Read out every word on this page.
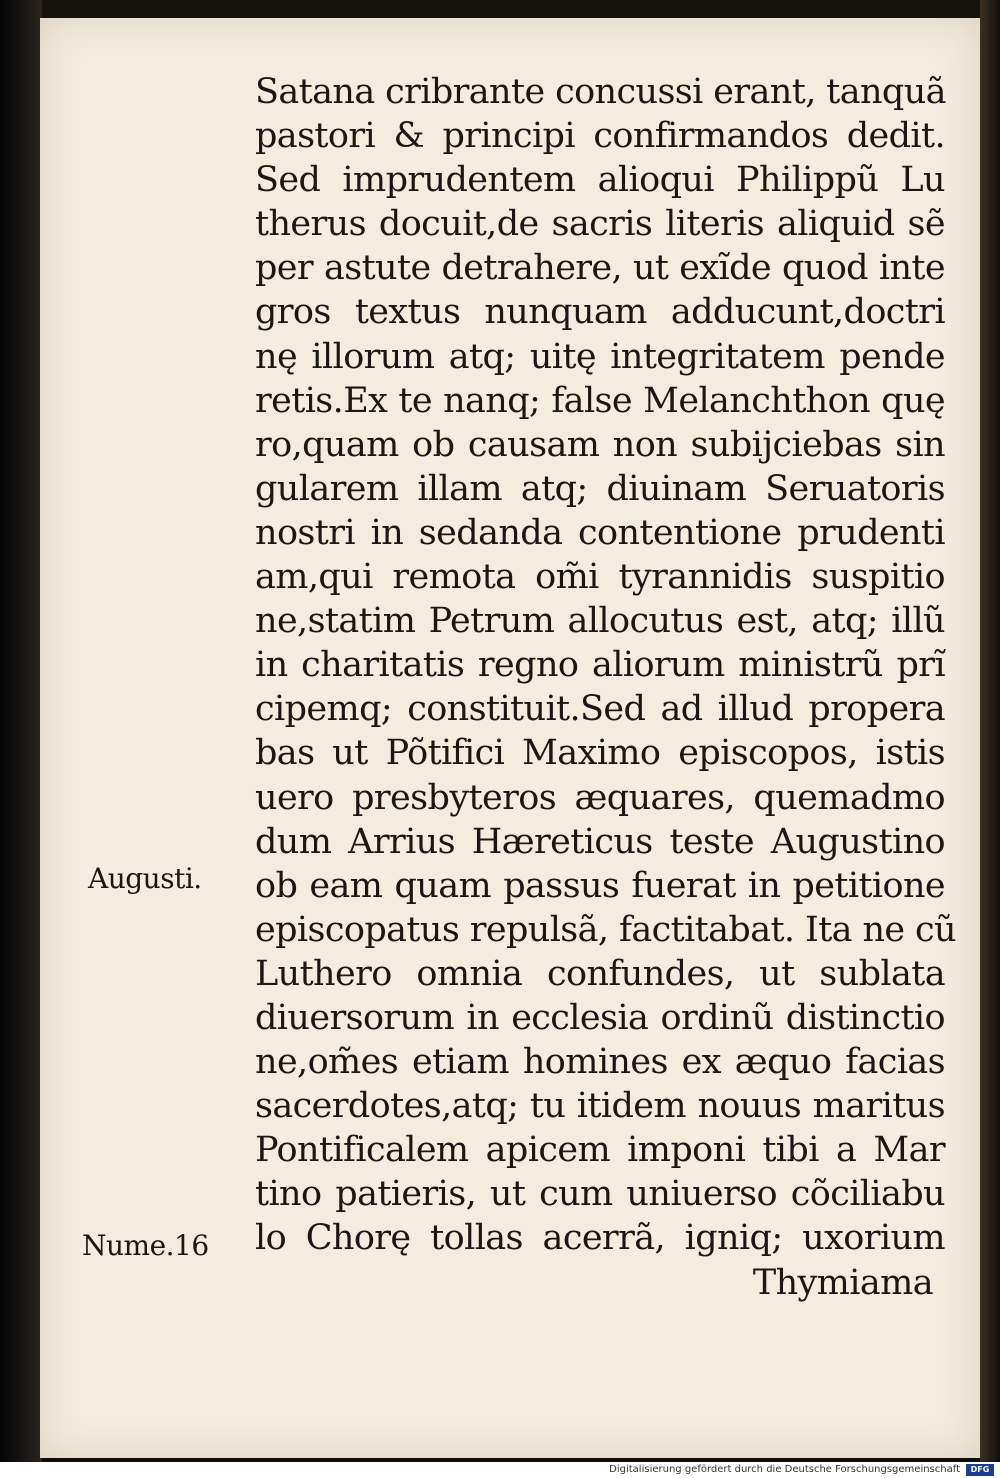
Satana cribrante concussi erant, tanquã
pastori & principi confirmandos dedit.
Sed imprudentem alioqui Philippũ Lu
therus docuit,de sacris literis aliquid sẽ
per astute detrahere, ut exĩde quod inte
gros textus nunquam adducunt,doctri
nę illorum atq; uitę integritatem pende
retis.Ex te nanq; false Melanchthon quę
ro,quam ob causam non subijciebas sin
gularem illam atq; diuinam Seruatoris
nostri in sedanda contentione prudenti
am,qui remota om̃i tyrannidis suspitio
ne,statim Petrum allocutus est, atq; illũ
in charitatis regno aliorum ministrũ prĩ
cipemq; constituit.Sed ad illud propera
bas ut Põtifici Maximo episcopos, istis
uero presbyteros æquares, quemadmo
dum Arrius Hæreticus teste Augustino
ob eam quam passus fuerat in petitione
episcopatus repulsã, factitabat. Ita ne cũ
Luthero omnia confundes, ut sublata
diuersorum in ecclesia ordinũ distinctio
ne,om̃es etiam homines ex æquo facias
sacerdotes,atq; tu itidem nouus maritus
Pontificalem apicem imponi tibi a Mar
tino patieris, ut cum uniuerso cõciliabu
lo Chorę tollas acerrã, igniq; uxorium
Thymiama
Augusti.
Nume.16
Digitalisierung gefördert durch die Deutsche Forschungsgemeinschaft	DFG
